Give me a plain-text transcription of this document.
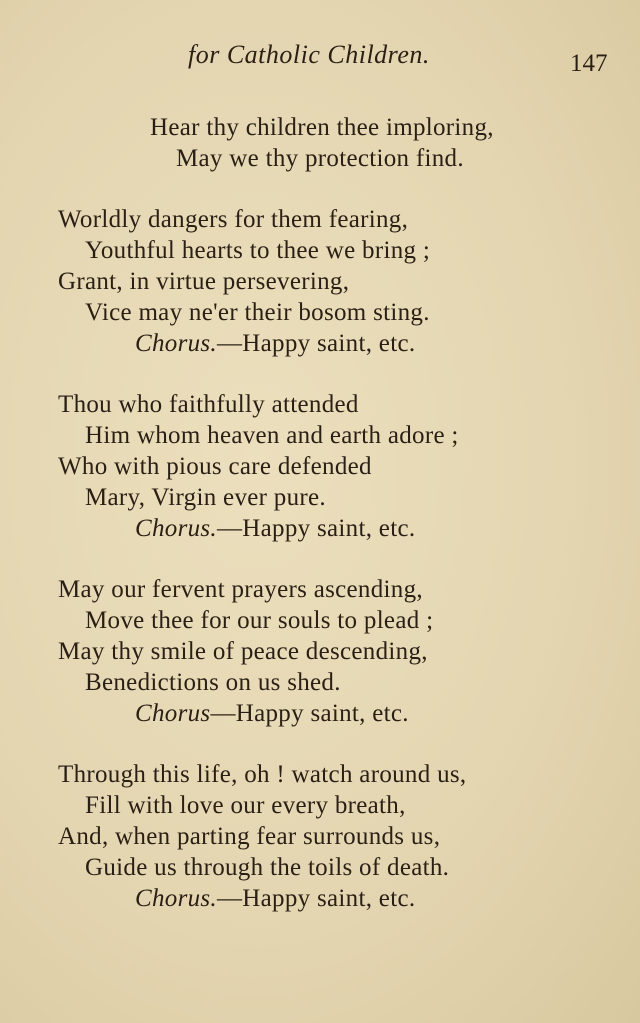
for Catholic Children.	147
Hear thy children thee imploring,
May we thy protection find.
Worldly dangers for them fearing,
Youthful hearts to thee we bring ;
Grant, in virtue persevering,
Vice may ne'er their bosom sting.
Chorus.—Happy saint, etc.
Thou who faithfully attended
Him whom heaven and earth adore ;
Who with pious care defended
Mary, Virgin ever pure.
Chorus.—Happy saint, etc.
May our fervent prayers ascending,
Move thee for our souls to plead ;
May thy smile of peace descending,
Benedictions on us shed.
Chorus—Happy saint, etc.
Through this life, oh ! watch around us,
Fill with love our every breath,
And, when parting fear surrounds us,
Guide us through the toils of death.
Chorus.—Happy saint, etc.
